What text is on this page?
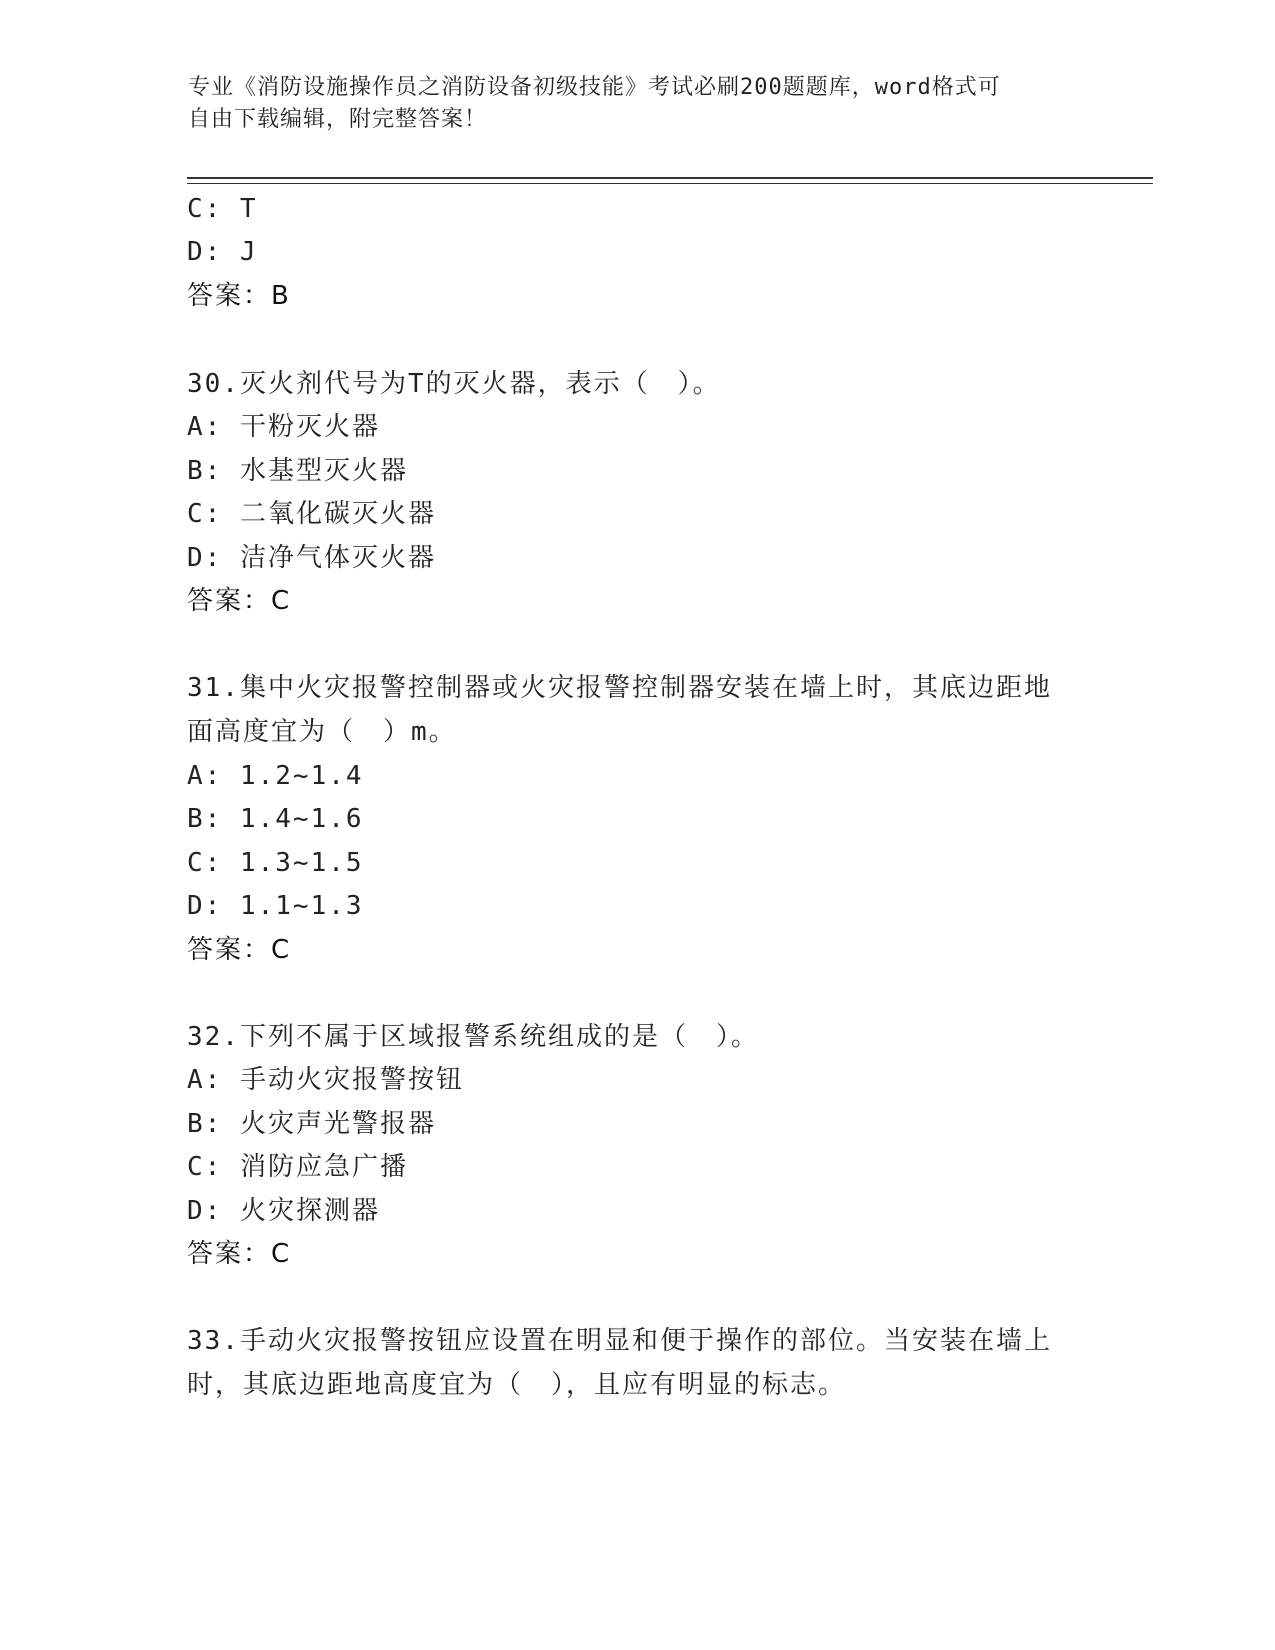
专业《消防设施操作员之消防设备初级技能》考试必刷200题题库，word格式可
自由下载编辑，附完整答案！
C: T
D: J
答案：B
30.灭火剂代号为T的灭火器，表示（　）。
A: 干粉灭火器
B: 水基型灭火器
C: 二氧化碳灭火器
D: 洁净气体灭火器
答案：C
31.集中火灾报警控制器或火灾报警控制器安装在墙上时，其底边距地
面高度宜为（　）m。
A: 1.2~1.4
B: 1.4~1.6
C: 1.3~1.5
D: 1.1~1.3
答案：C
32.下列不属于区域报警系统组成的是（　）。
A: 手动火灾报警按钮
B: 火灾声光警报器
C: 消防应急广播
D: 火灾探测器
答案：C
33.手动火灾报警按钮应设置在明显和便于操作的部位。当安装在墙上
时，其底边距地高度宜为（　），且应有明显的标志。
